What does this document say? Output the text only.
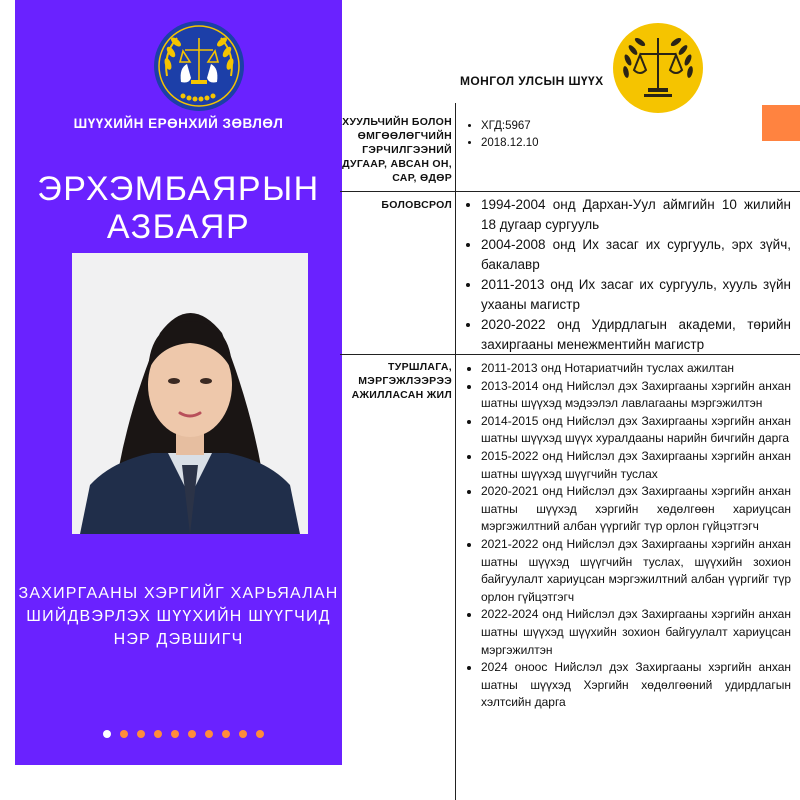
ШҮҮХИЙН ЕРӨНХИЙ ЗӨВЛӨЛ
ЭРХЭМБАЯРЫН АЗБАЯР
ЗАХИРГААНЫ ХЭРГИЙГ ХАРЬЯАЛАН ШИЙДВЭРЛЭХ ШҮҮХИЙН ШҮҮГЧИД НЭР ДЭВШИГЧ
МОНГОЛ УЛСЫН ШҮҮХ
ХУУЛЬЧИЙН БОЛОН ӨМГӨӨЛӨГЧИЙН ГЭРЧИЛГЭЭНИЙ ДУГААР, АВСАН ОН, САР, ӨДӨР
• ХГД:5967
• 2018.12.10
БОЛОВСРОЛ
• 1994-2004 онд Дархан-Уул аймгийн 10 жилийн 18 дугаар сургууль
• 2004-2008 онд Их засаг их сургууль, эрх зүйч, бакалавр
• 2011-2013 онд Их засаг их сургууль, хууль зүйн ухааны магистр
• 2020-2022 онд Удирдлагын академи, төрийн захиргааны менежментийн магистр
ТУРШЛАГА, МЭРГЭЖЛЭЭРЭЭ АЖИЛЛАСАН ЖИЛ
• 2011-2013 онд Нотариатчийн туслах ажилтан
• 2013-2014 онд Нийслэл дэх Захиргааны хэргийн анхан шатны шүүхэд мэдээлэл лавлагааны мэргэжилтэн
• 2014-2015 онд Нийслэл дэх Захиргааны хэргийн анхан шатны шүүхэд шүүх хуралдааны нарийн бичгийн дарга
• 2015-2022 онд Нийслэл дэх Захиргааны хэргийн анхан шатны шүүхэд шүүгчийн туслах
• 2020-2021 онд Нийслэл дэх Захиргааны хэргийн анхан шатны шүүхэд хэргийн хөдөлгөөн хариуцсан мэргэжилтний албан үүргийг түр орлон гүйцэтгэгч
• 2021-2022 онд Нийслэл дэх Захиргааны хэргийн анхан шатны шүүхэд шүүгчийн туслах, шүүхийн зохион байгуулалт хариуцсан мэргэжилтний албан үүргийг түр орлон гүйцэтгэгч
• 2022-2024 онд Нийслэл дэх Захиргааны хэргийн анхан шатны шүүхэд шүүхийн зохион байгуулалт хариуцсан мэргэжилтэн
• 2024 оноос Нийслэл дэх Захиргааны хэргийн анхан шатны шүүхэд Хэргийн хөдөлгөөний удирдлагын хэлтсийн дарга
